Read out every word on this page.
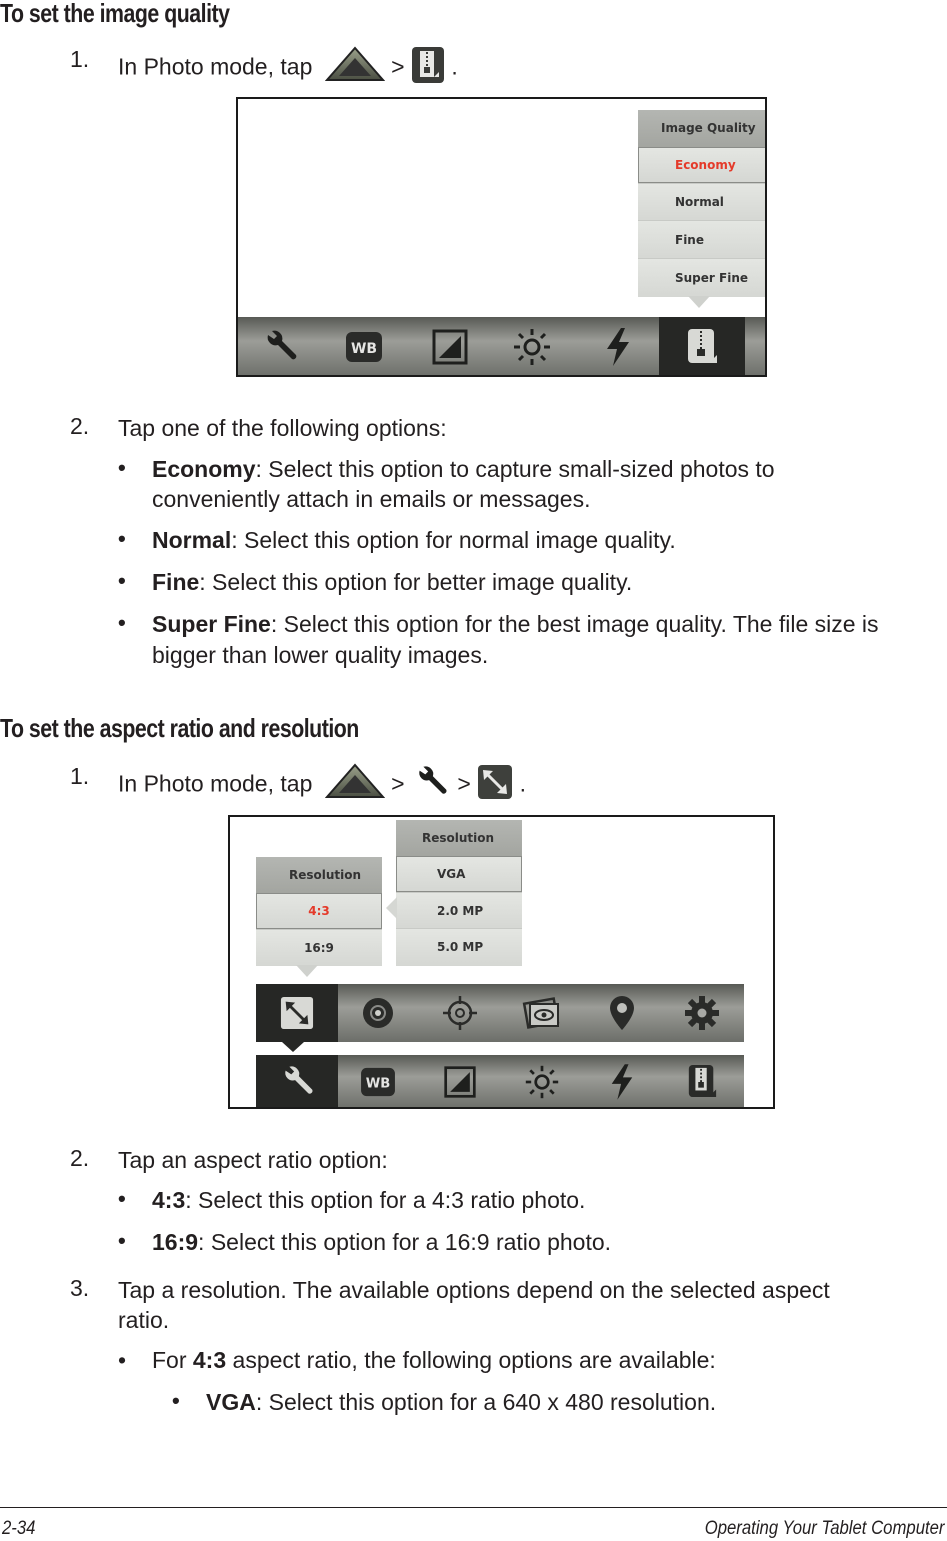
To set the image quality
1. In Photo mode, tap	> .
Image Quality
Economy
Normal
Fine
Super Fine
WB
2. Tap one of the following options:
• Economy: Select this option to capture small-sized photos to
conveniently attach in emails or messages.
• Normal: Select this option for normal image quality.
• Fine: Select this option for better image quality.
• Super Fine: Select this option for the best image quality. The file size is
bigger than lower quality images.
To set the aspect ratio and resolution
1. In Photo mode, tap	> > .
Resolution
4:3
16:9
Resolution
VGA
2.0 MP
5.0 MP
WB
2. Tap an aspect ratio option:
• 4:3: Select this option for a 4:3 ratio photo.
• 16:9: Select this option for a 16:9 ratio photo.
3. Tap a resolution. The available options depend on the selected aspect
ratio.
• For 4:3 aspect ratio, the following options are available:
• VGA: Select this option for a 640 x 480 resolution.
2-34	Operating Your Tablet Computer
